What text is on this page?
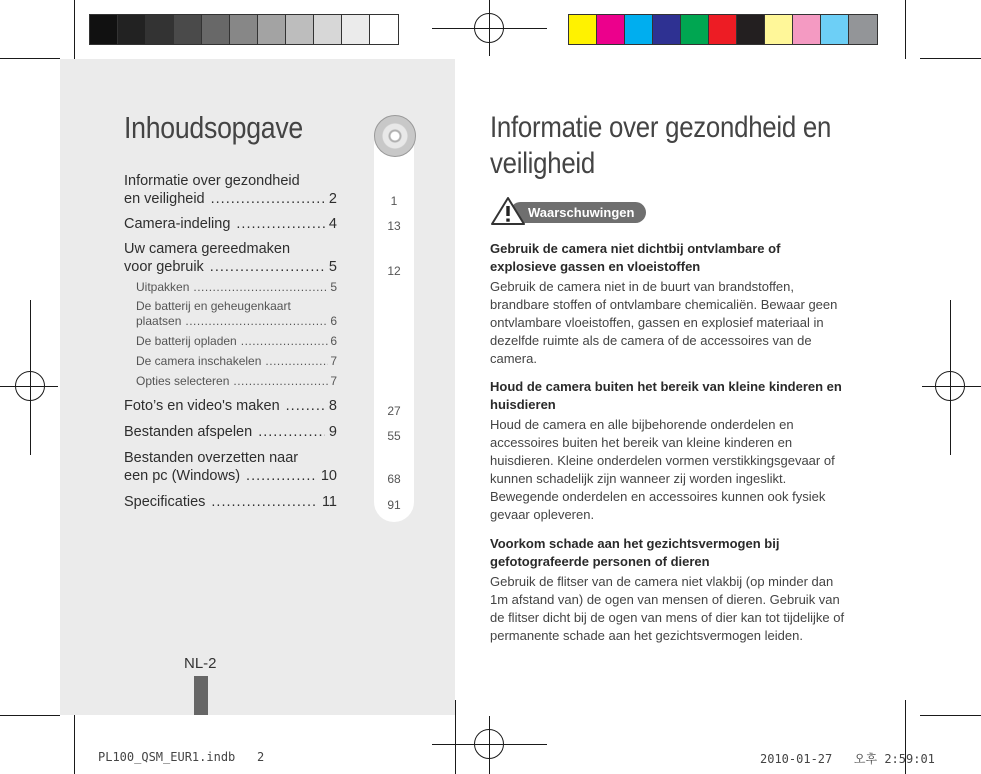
Inhoudsopgave
Informatie over gezondheid
en veiligheid .....	2
Camera-indeling .....	4
Uw camera gereedmaken
voor gebruik .....	5
Uitpakken .....	5
De batterij en geheugenkaart
plaatsen .....	6
De batterij opladen .....	6
De camera inschakelen .....	7
Opties selecteren .....	7
Foto’s en video's maken .....	8
Bestanden afspelen .....	9
Bestanden overzetten naar
een pc (Windows) .....	10
Specificaties .....	11
1
13
12
27
55
68
91
NL-2
Informatie over gezondheid en veiligheid
Waarschuwingen
Gebruik de camera niet dichtbij ontvlambare of explosieve gassen en vloeistoffen
Gebruik de camera niet in de buurt van brandstoffen, brandbare stoffen of ontvlambare chemicaliën. Bewaar geen ontvlambare vloeistoffen, gassen en explosief materiaal in dezelfde ruimte als de camera of de accessoires van de camera.
Houd de camera buiten het bereik van kleine kinderen en huisdieren
Houd de camera en alle bijbehorende onderdelen en accessoires buiten het bereik van kleine kinderen en huisdieren. Kleine onderdelen vormen verstikkingsgevaar of kunnen schadelijk zijn wanneer zij worden ingeslikt. Bewegende onderdelen en accessoires kunnen ook fysiek gevaar opleveren.
Voorkom schade aan het gezichtsvermogen bij gefotografeerde personen of dieren
Gebruik de flitser van de camera niet vlakbij (op minder dan 1m afstand van) de ogen van mensen of dieren. Gebruik van de flitser dicht bij de ogen van mens of dier kan tot tijdelijke of permanente schade aan het gezichtsvermogen leiden.
PL100_QSM_EUR1.indb   2	2010-01-27   오후 2:59:01
